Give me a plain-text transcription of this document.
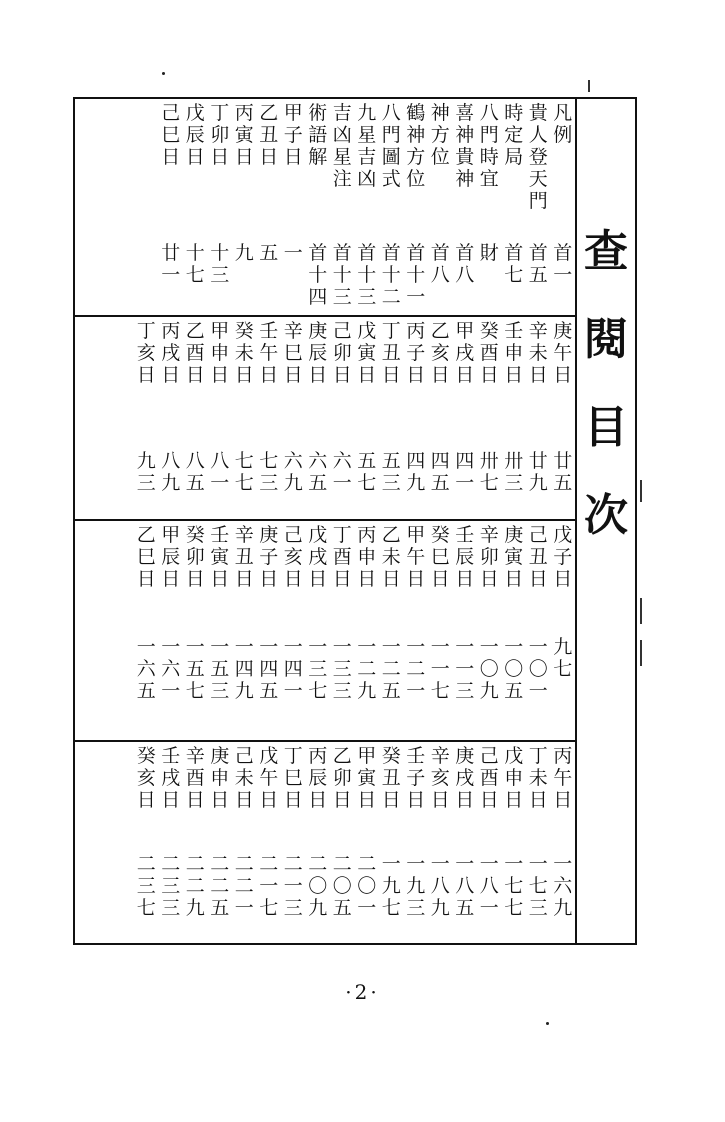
查
閱
目
次
凡例
首一
貴人登天門
首五
時定局
首七
八門時宜
財
喜神貴神
首八
神方位
首八
鶴神方位
首十一
八門圖式
首十二
九星吉凶
首十三
吉凶星注
首十三
術語解
首十四
甲子日
一
乙丑日
五
丙寅日
九
丁卯日
十三
戊辰日
十七
己巳日
廿一
庚午日
廿五
辛未日
廿九
壬申日
卅三
癸酉日
卅七
甲戌日
四一
乙亥日
四五
丙子日
四九
丁丑日
五三
戊寅日
五七
己卯日
六一
庚辰日
六五
辛巳日
六九
壬午日
七三
癸未日
七七
甲申日
八一
乙酉日
八五
丙戌日
八九
丁亥日
九三
戊子日
九七
己丑日
一〇一
庚寅日
一〇五
辛卯日
一〇九
壬辰日
一一三
癸巳日
一一七
甲午日
一二一
乙未日
一二五
丙申日
一二九
丁酉日
一三三
戊戌日
一三七
己亥日
一四一
庚子日
一四五
辛丑日
一四九
壬寅日
一五三
癸卯日
一五七
甲辰日
一六一
乙巳日
一六五
丙午日
一六九
丁未日
一七三
戊申日
一七七
己酉日
一八一
庚戌日
一八五
辛亥日
一八九
壬子日
一九三
癸丑日
一九七
甲寅日
二〇一
乙卯日
二〇五
丙辰日
二〇九
丁巳日
二一三
戊午日
二一七
己未日
二二一
庚申日
二二五
辛酉日
二二九
壬戌日
二三三
癸亥日
二三七
·2·
